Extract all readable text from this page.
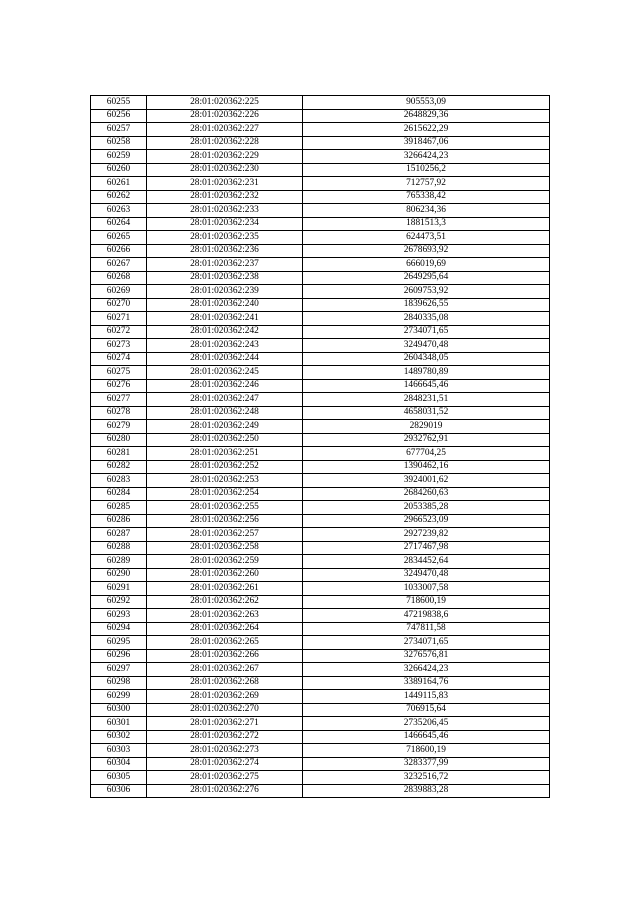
60255	28:01:020362:225	905553,09
60256	28:01:020362:226	2648829,36
60257	28:01:020362:227	2615622,29
60258	28:01:020362:228	3918467,06
60259	28:01:020362:229	3266424,23
60260	28:01:020362:230	1510256,2
60261	28:01:020362:231	712757,92
60262	28:01:020362:232	765338,42
60263	28:01:020362:233	806234,36
60264	28:01:020362:234	1881513,3
60265	28:01:020362:235	624473,51
60266	28:01:020362:236	2678693,92
60267	28:01:020362:237	666019,69
60268	28:01:020362:238	2649295,64
60269	28:01:020362:239	2609753,92
60270	28:01:020362:240	1839626,55
60271	28:01:020362:241	2840335,08
60272	28:01:020362:242	2734071,65
60273	28:01:020362:243	3249470,48
60274	28:01:020362:244	2604348,05
60275	28:01:020362:245	1489780,89
60276	28:01:020362:246	1466645,46
60277	28:01:020362:247	2848231,51
60278	28:01:020362:248	4658031,52
60279	28:01:020362:249	2829019
60280	28:01:020362:250	2932762,91
60281	28:01:020362:251	677704,25
60282	28:01:020362:252	1390462,16
60283	28:01:020362:253	3924001,62
60284	28:01:020362:254	2684260,63
60285	28:01:020362:255	2053385,28
60286	28:01:020362:256	2966523,09
60287	28:01:020362:257	2927239,82
60288	28:01:020362:258	2717467,98
60289	28:01:020362:259	2834452,64
60290	28:01:020362:260	3249470,48
60291	28:01:020362:261	1033007,58
60292	28:01:020362:262	718600,19
60293	28:01:020362:263	47219838,6
60294	28:01:020362:264	747811,58
60295	28:01:020362:265	2734071,65
60296	28:01:020362:266	3276576,81
60297	28:01:020362:267	3266424,23
60298	28:01:020362:268	3389164,76
60299	28:01:020362:269	1449115,83
60300	28:01:020362:270	706915,64
60301	28:01:020362:271	2735206,45
60302	28:01:020362:272	1466645,46
60303	28:01:020362:273	718600,19
60304	28:01:020362:274	3283377,99
60305	28:01:020362:275	3232516,72
60306	28:01:020362:276	2839883,28
